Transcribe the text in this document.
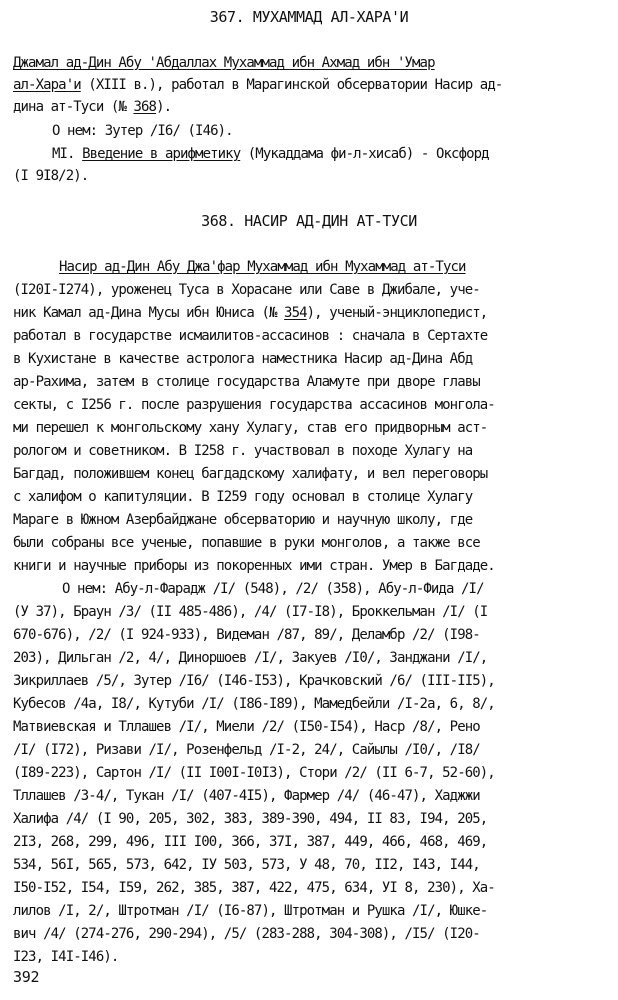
367. МУХАММАД АЛ-ХАРА'И
Джамал ад-Дин Абу 'Абдаллах Мухаммад ибн Ахмад ибн 'Умар
ал-Хара'и (XIII в.), работал в Марагинской обсерватории Насир ад-
дина ат-Туси (№ 368).
О нем: Зутер /I6/ (I46).
MI. Введение в арифметику (Мукаддама фи-л-хисаб) - Оксфорд
(I 9I8/2).
368. НАСИР АД-ДИН АТ-ТУСИ
Насир ад-Дин Абу Джа'фар Мухаммад ибн Мухаммад ат-Туси
(I20I-I274), уроженец Туса в Хорасане или Саве в Джибале, уче-
ник Камал ад-Дина Мусы ибн Юниса (№ 354), ученый-энциклопедист,
работал в государстве исмаилитов-ассасинов : сначала в Сертахте
в Кухистане в качестве астролога наместника Насир ад-Дина Абд
ар-Рахима, затем в столице государства Аламуте при дворе главы
секты, с I256 г. после разрушения государства ассасинов монгола-
ми перешел к монгольскому хану Хулагу, став его придворным аст-
рологом и советником. В I258 г. участвовал в походе Хулагу на
Багдад, положившем конец багдадскому халифату, и вел переговоры
с халифом о капитуляции. В I259 году основал в столице Хулагу
Мараге в Южном Азербайджане обсерваторию и научную школу, где
были собраны все ученые, попавшие в руки монголов, а также все
книги и научные приборы из покоренных ими стран. Умер в Багдаде.
О нем: Абу-л-Фарадж /I/ (548), /2/ (358), Абу-л-Фида /I/
(У 37), Браун /3/ (II 485-486), /4/ (I7-I8), Броккельман /I/ (I
670-676), /2/ (I 924-933), Видеман /87, 89/, Деламбр /2/ (I98-
203), Дильган /2, 4/, Диноршоев /I/, Закуев /I0/, Занджани /I/,
Зикриллаев /5/, Зутер /I6/ (I46-I53), Крачковский /6/ (III-II5),
Кубесов /4а, I8/, Кутуби /I/ (I86-I89), Мамедбейли /I-2а, 6, 8/,
Матвиевская и Тллашев /I/, Миели /2/ (I50-I54), Наср /8/, Рено
/I/ (I72), Ризави /I/, Розенфельд /I-2, 24/, Сайылы /I0/, /I8/
(I89-223), Сартон /I/ (II I00I-I0I3), Стори /2/ (II 6-7, 52-60),
Тллашев /3-4/, Тукан /I/ (407-4I5), Фармер /4/ (46-47), Хаджжи
Халифа /4/ (I 90, 205, 302, 383, 389-390, 494, II 83, I94, 205,
2I3, 268, 299, 496, III I00, 366, 37I, 387, 449, 466, 468, 469,
534, 56I, 565, 573, 642, IУ 503, 573, У 48, 70, II2, I43, I44,
I50-I52, I54, I59, 262, 385, 387, 422, 475, 634, УI 8, 230), Ха-
лилов /I, 2/, Штротман /I/ (I6-87), Штротман и Рушка /I/, Юшке-
вич /4/ (274-276, 290-294), /5/ (283-288, 304-308), /I5/ (I20-
I23, I4I-I46).
392
